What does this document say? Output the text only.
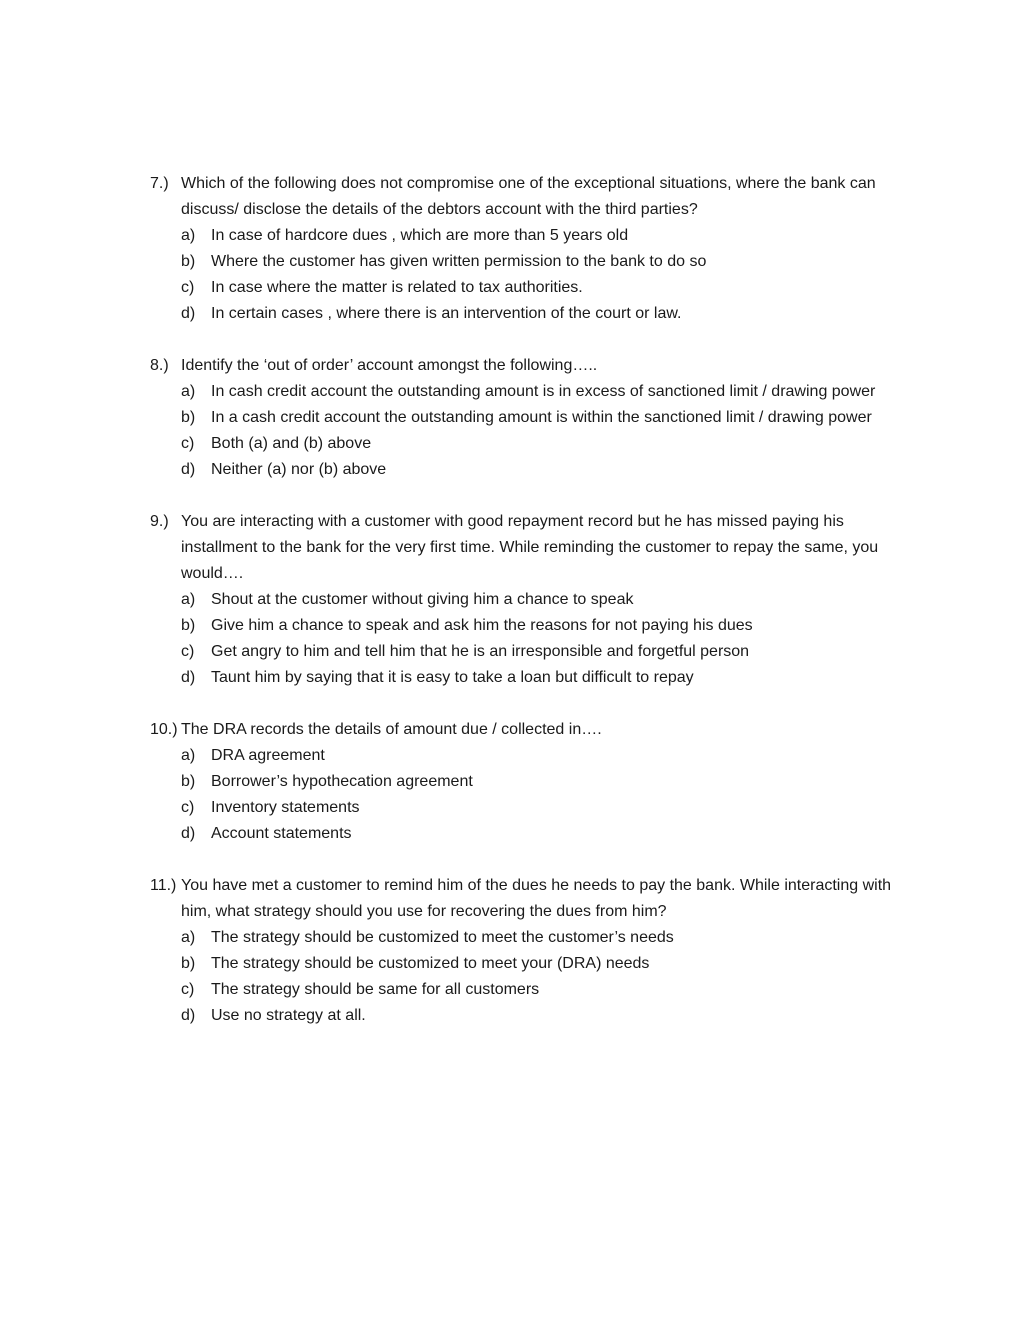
7.) Which of the following does not compromise one of the exceptional situations, where the bank can discuss/ disclose the details of the debtors account with the third parties?
a) In case of hardcore dues , which are more than 5 years old
b) Where the customer has given written permission to the bank to do so
c)	In case where the matter is related to tax authorities.
d) In certain cases , where there is an intervention of the court or law.
8.) Identify the ‘out of order’ account amongst the following…..
a) In cash credit account the outstanding amount is in excess of sanctioned limit / drawing power
b) In a cash credit account the outstanding amount is within the sanctioned limit / drawing power
c)	Both (a) and (b) above
d) Neither (a) nor (b) above
9.) You are interacting with a customer with good repayment record but he has missed paying his installment to the bank for the very first time. While reminding the customer to repay the same, you would….
a) Shout at the customer without giving him a chance to speak
b) Give him a chance to speak and ask him the reasons for not paying his dues
c)	Get angry to him and tell him that he is an irresponsible and forgetful person
d) Taunt him by saying that it is easy to take a loan but difficult to repay
10.) The DRA records the details of amount due / collected in….
a) DRA agreement
b) Borrower’s hypothecation agreement
c)	Inventory statements
d) Account statements
11.) You have met a customer to remind him of the dues he needs to pay the bank. While interacting with him, what strategy should you use for recovering the dues from him?
a) The strategy should be customized to meet the customer’s needs
b) The strategy should be customized to meet your (DRA) needs
c)	The strategy should be same for all customers
d) Use no strategy at all.
